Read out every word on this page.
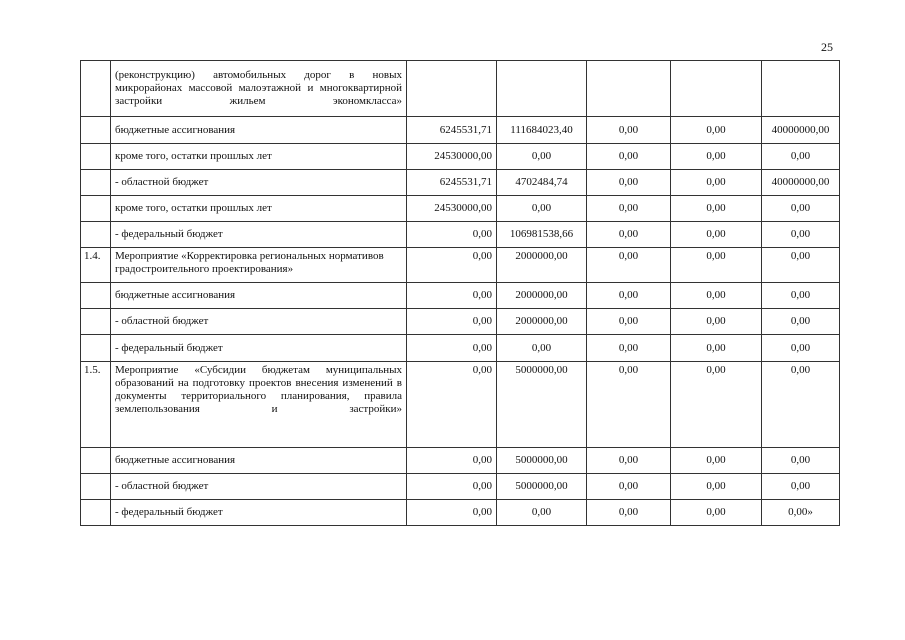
25
	(реконструкцию) автомобильных дорог в новых микрорайонах массовой малоэтажной и многоквартирной застройки жильем экономкласса»					
	бюджетные ассигнования	6245531,71	111684023,40	0,00	0,00	40000000,00
	кроме того, остатки прошлых лет	24530000,00	0,00	0,00	0,00	0,00
	- областной бюджет	6245531,71	4702484,74	0,00	0,00	40000000,00
	кроме того, остатки прошлых лет	24530000,00	0,00	0,00	0,00	0,00
	- федеральный бюджет	0,00	106981538,66	0,00	0,00	0,00
1.4.	Мероприятие «Корректировка региональных нормативов градостроительного проектирования»	0,00	2000000,00	0,00	0,00	0,00
	бюджетные ассигнования	0,00	2000000,00	0,00	0,00	0,00
	- областной бюджет	0,00	2000000,00	0,00	0,00	0,00
	- федеральный бюджет	0,00	0,00	0,00	0,00	0,00
1.5.	Мероприятие «Субсидии бюджетам муниципальных образований на подготовку проектов внесения изменений в документы территориального планирования, правила землепользования и застройки»	0,00	5000000,00	0,00	0,00	0,00
	бюджетные ассигнования	0,00	5000000,00	0,00	0,00	0,00
	- областной бюджет	0,00	5000000,00	0,00	0,00	0,00
	- федеральный бюджет	0,00	0,00	0,00	0,00	0,00»
